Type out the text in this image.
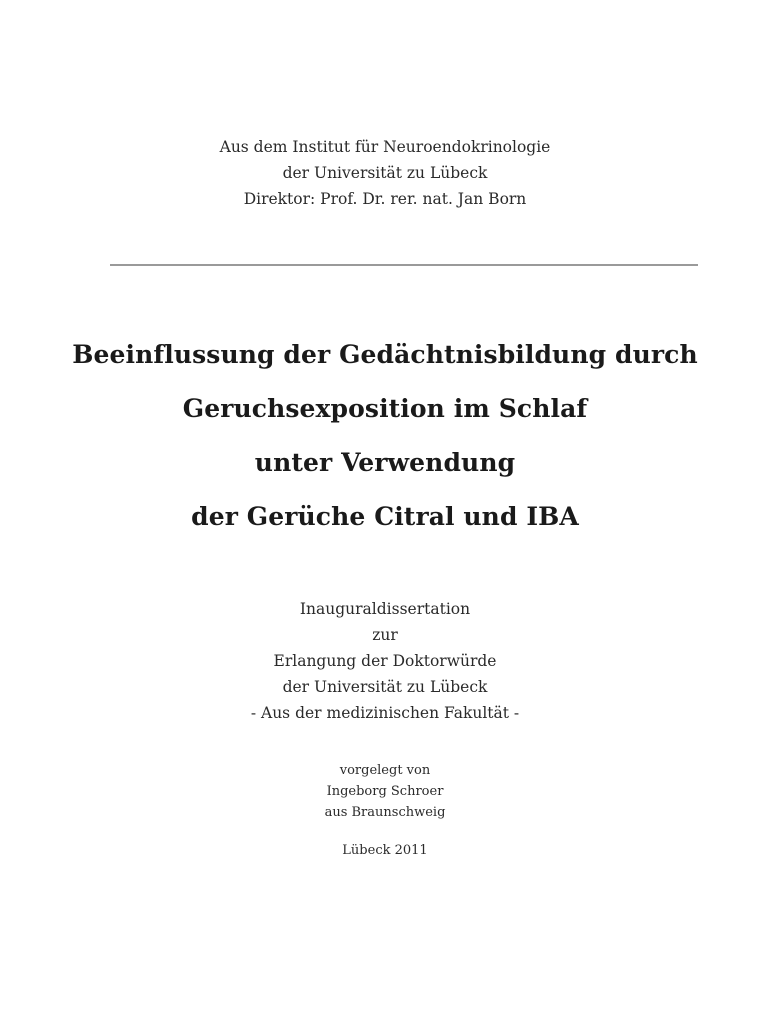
Aus dem Institut für Neuroendokrinologie
der Universität zu Lübeck
Direktor: Prof. Dr. rer. nat. Jan Born
Beeinflussung der Gedächtnisbildung durch
Geruchsexposition im Schlaf
unter Verwendung
der Gerüche Citral und IBA
Inauguraldissertation
zur
Erlangung der Doktorwürde
der Universität zu Lübeck
- Aus der medizinischen Fakultät -
vorgelegt von
Ingeborg Schroer
aus Braunschweig
Lübeck 2011
